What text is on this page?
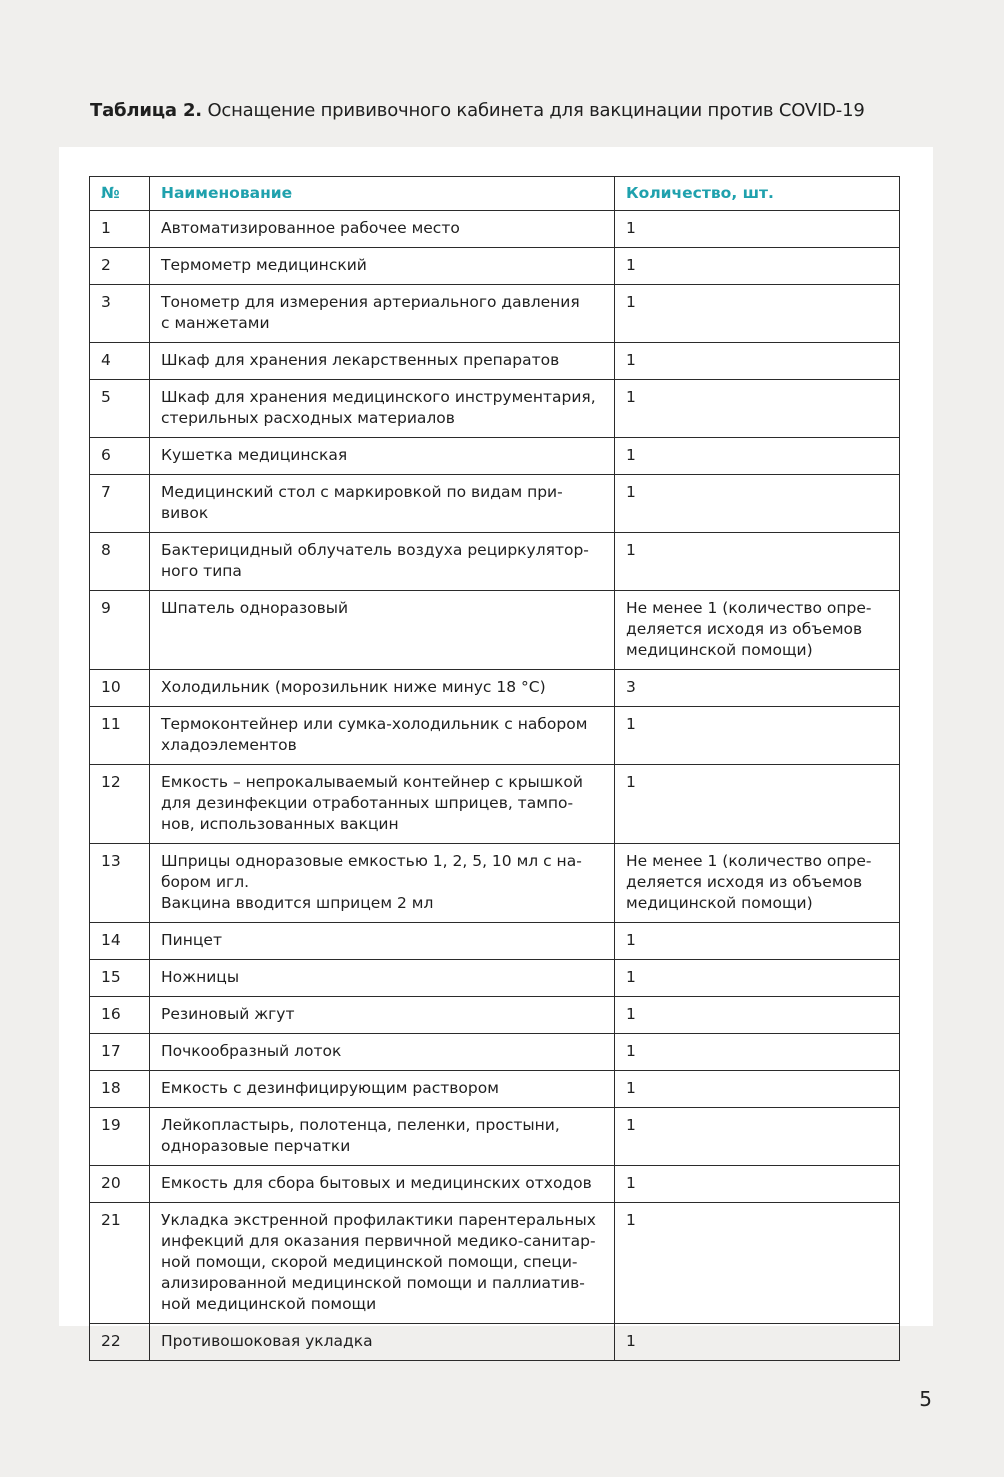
Таблица 2. Оснащение прививочного кабинета для вакцинации против COVID-19
№	Наименование	Количество, шт.
1	Автоматизированное рабочее место	1
2	Термометр медицинский	1
3	Тонометр для измерения артериального давления
с манжетами	1
4	Шкаф для хранения лекарственных препаратов	1
5	Шкаф для хранения медицинского инструментария,
стерильных расходных материалов	1
6	Кушетка медицинская	1
7	Медицинский стол с маркировкой по видам при-
вивок	1
8	Бактерицидный облучатель воздуха рециркулятор-
ного типа	1
9	Шпатель одноразовый	Не менее 1 (количество опре-
деляется исходя из объемов
медицинской помощи)
10	Холодильник (морозильник ниже минус 18 °С)	3
11	Термоконтейнер или сумка-холодильник с набором
хладоэлементов	1
12	Емкость – непрокалываемый контейнер с крышкой
для дезинфекции отработанных шприцев, тампо-
нов, использованных вакцин	1
13	Шприцы одноразовые емкостью 1, 2, 5, 10 мл с на-
бором игл.
Вакцина вводится шприцем 2 мл	Не менее 1 (количество опре-
деляется исходя из объемов
медицинской помощи)
14	Пинцет	1
15	Ножницы	1
16	Резиновый жгут	1
17	Почкообразный лоток	1
18	Емкость с дезинфицирующим раствором	1
19	Лейкопластырь, полотенца, пеленки, простыни,
одноразовые перчатки	1
20	Емкость для сбора бытовых и медицинских отходов	1
21	Укладка экстренной профилактики парентеральных
инфекций для оказания первичной медико-санитар-
ной помощи, скорой медицинской помощи, специ-
ализированной медицинской помощи и паллиатив-
ной медицинской помощи	1
22	Противошоковая укладка	1
5
